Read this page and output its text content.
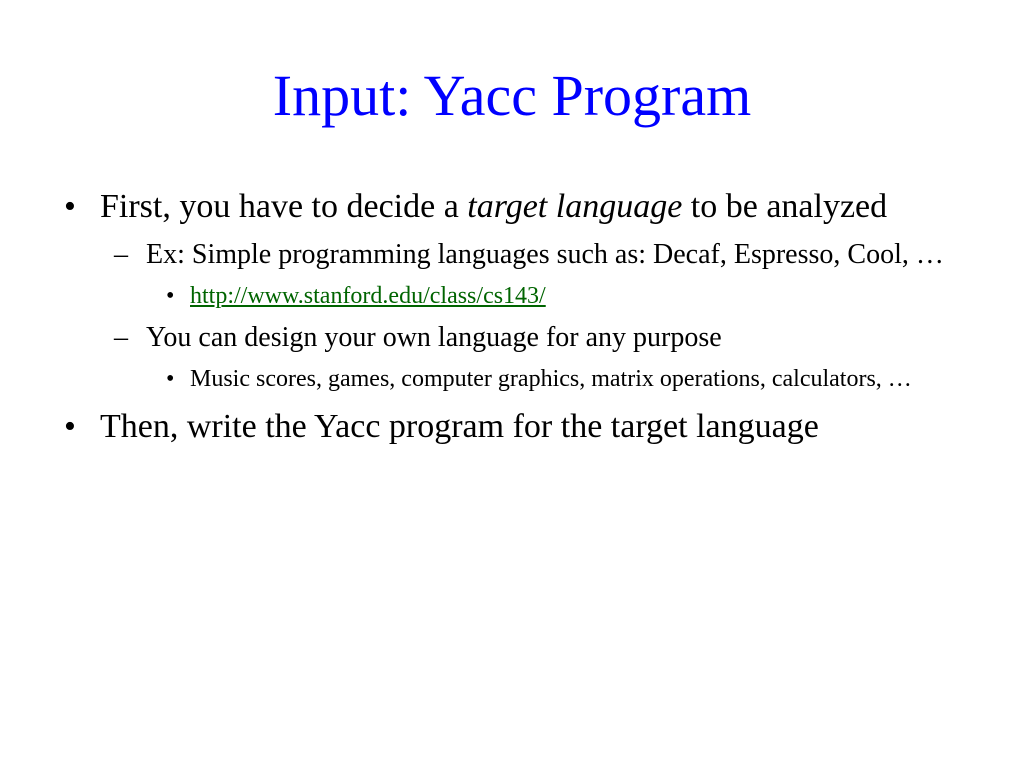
Input: Yacc Program
• First, you have to decide a target language to be analyzed
– Ex: Simple programming languages such as: Decaf, Espresso, Cool, …
• http://www.stanford.edu/class/cs143/
– You can design your own language for any purpose
• Music scores, games, computer graphics, matrix operations, calculators, …
• Then, write the Yacc program for the target language
